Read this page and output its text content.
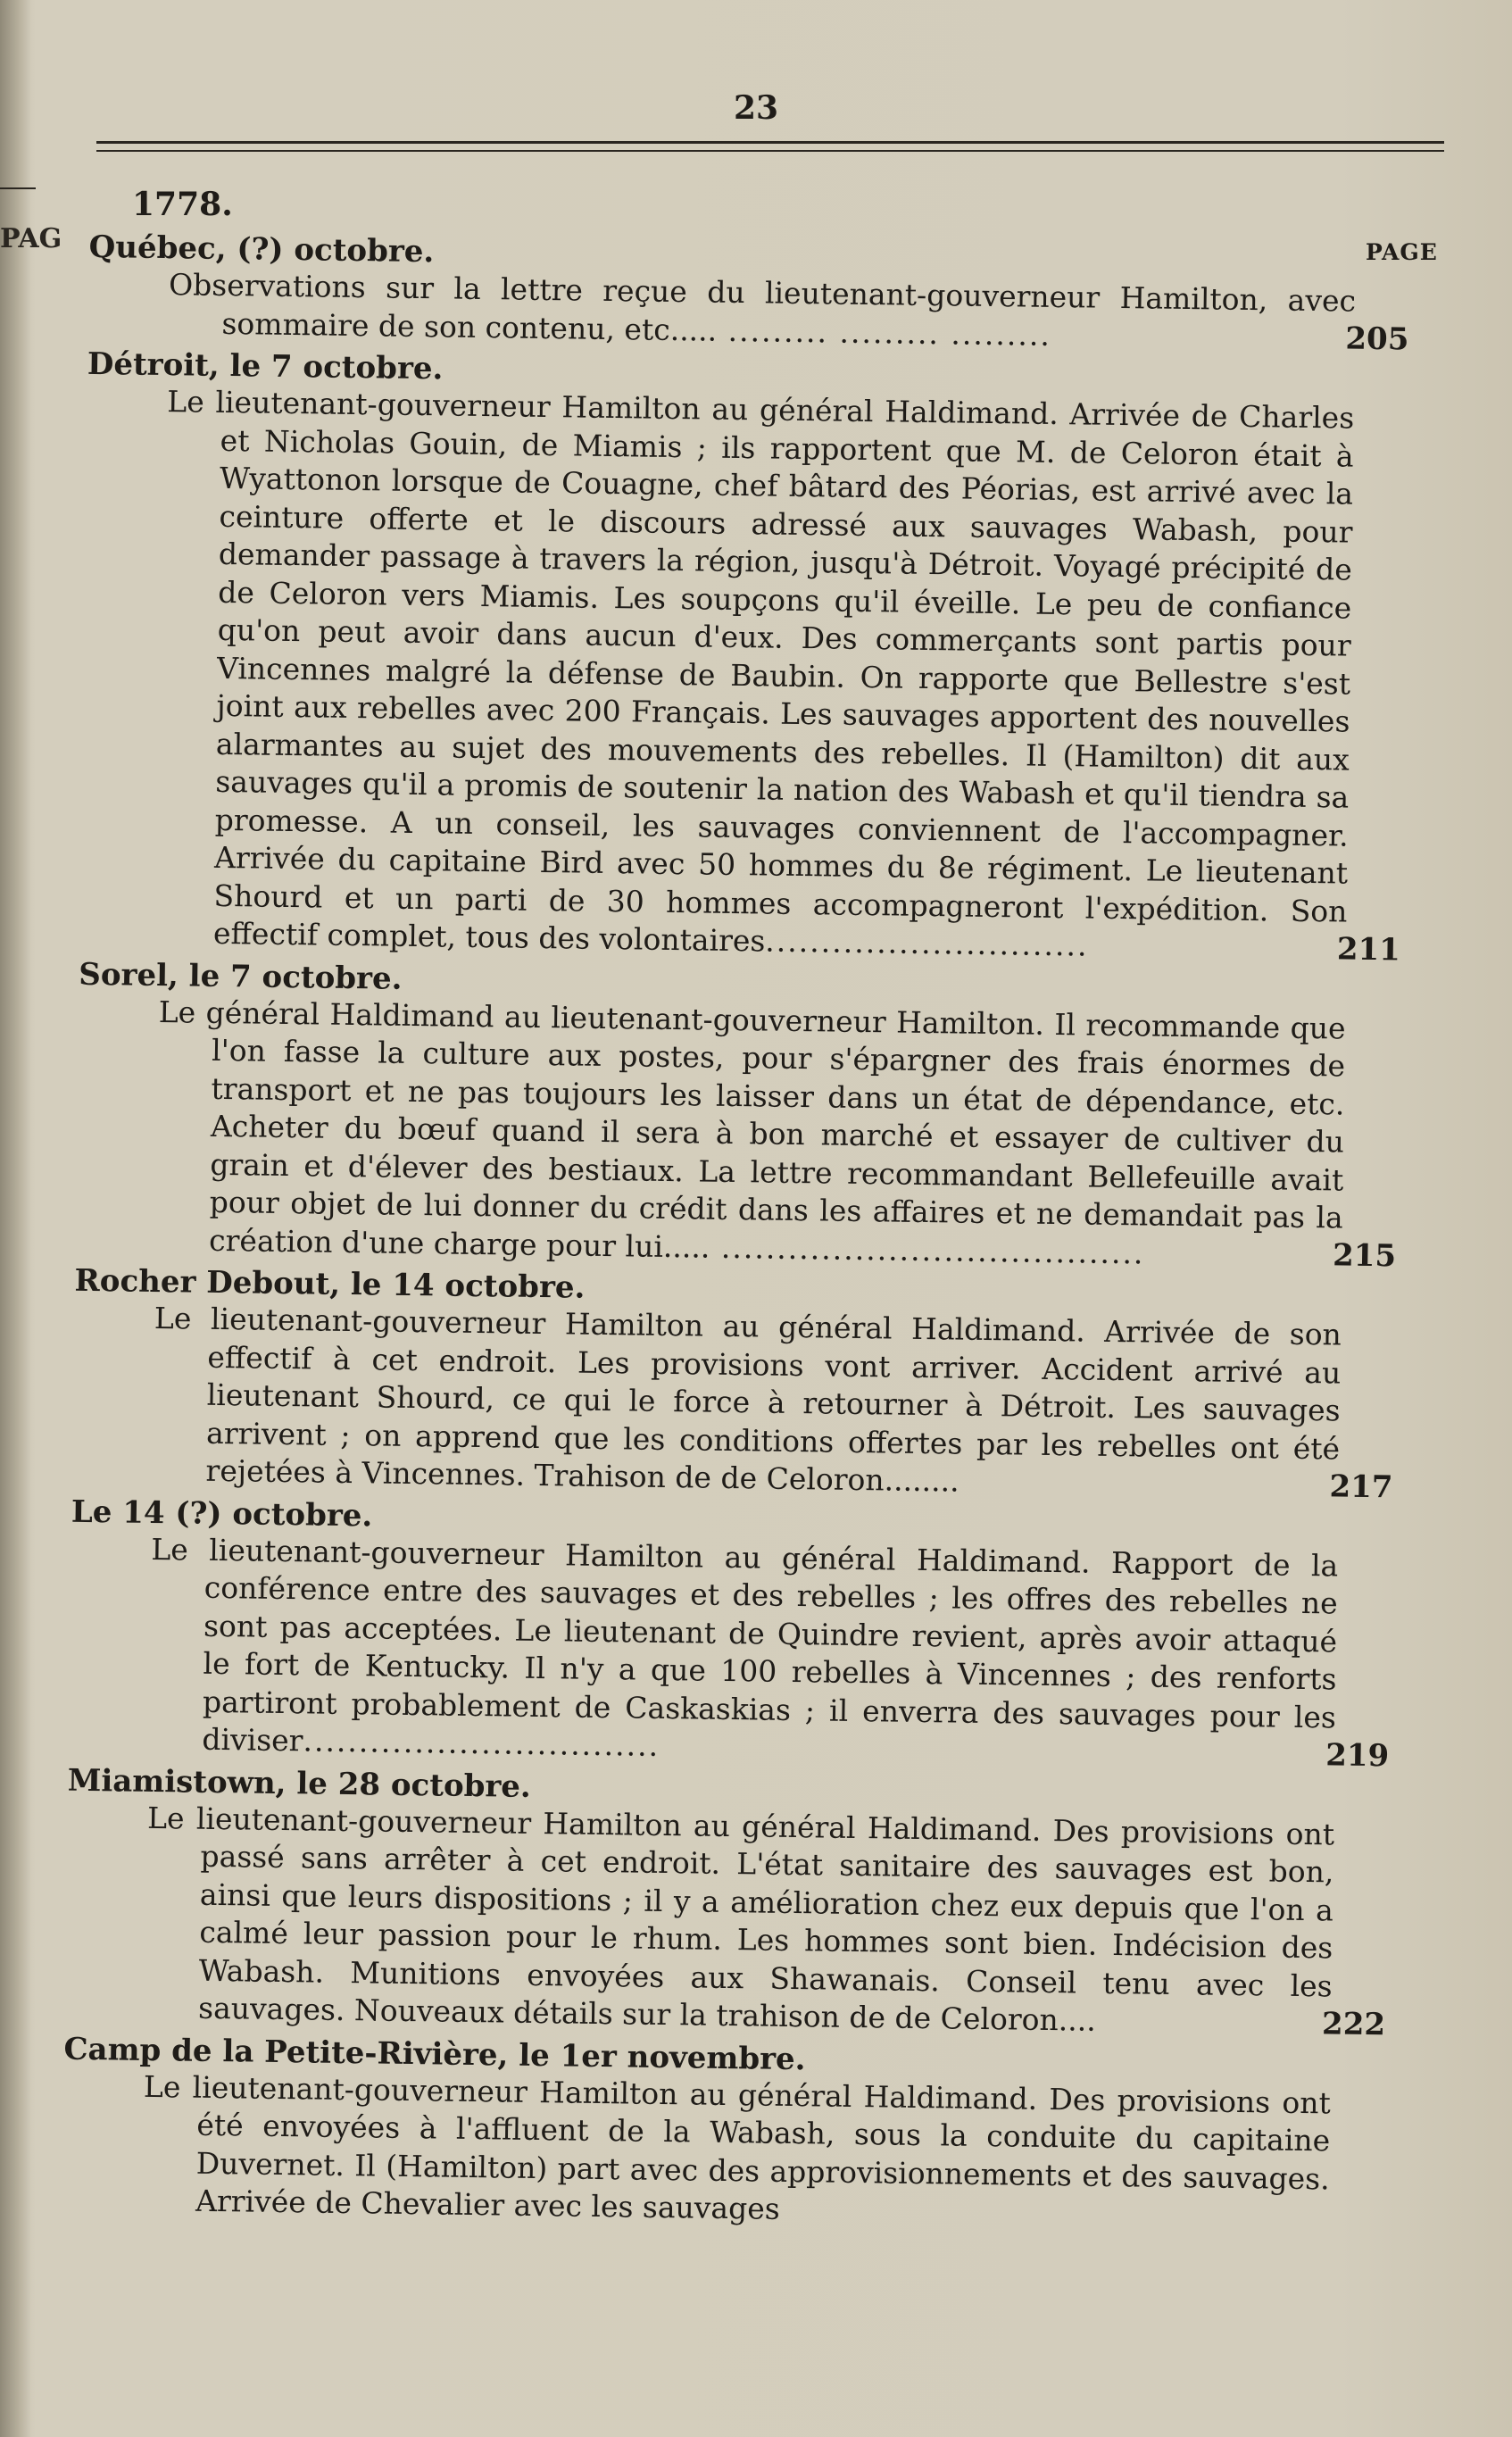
PAG
23
1778.
PAGE
Québec, (?) octobre.
Observations sur la lettre reçue du lieutenant-gouverneur Hamilton, avec sommaire de son contenu, etc..... ......... ......... .........	205
Détroit, le 7 octobre.
Le lieutenant-gouverneur Hamilton au général Haldimand. Arrivée de Charles et Nicholas Gouin, de Miamis ; ils rapportent que M. de Celoron était à Wyattonon lorsque de Couagne, chef bâtard des Péorias, est arrivé avec la ceinture offerte et le discours adressé aux sauvages Wabash, pour demander passage à travers la région, jusqu'à Détroit. Voyagé précipité de de Celoron vers Miamis. Les soupçons qu'il éveille. Le peu de confiance qu'on peut avoir dans aucun d'eux. Des commerçants sont partis pour Vincennes malgré la défense de Baubin. On rapporte que Bellestre s'est joint aux rebelles avec 200 Français. Les sauvages apportent des nouvelles alarmantes au sujet des mouvements des rebelles. Il (Hamilton) dit aux sauvages qu'il a promis de soutenir la nation des Wabash et qu'il tiendra sa promesse. A un conseil, les sauvages conviennent de l'accompagner. Arrivée du capitaine Bird avec 50 hommes du 8e régiment. Le lieutenant Shourd et un parti de 30 hommes accompagneront l'expédition. Son effectif complet, tous des volontaires.............................	211
Sorel, le 7 octobre.
Le général Haldimand au lieutenant-gouverneur Hamilton. Il recommande que l'on fasse la culture aux postes, pour s'épargner des frais énormes de transport et ne pas toujours les laisser dans un état de dépendance, etc. Acheter du bœuf quand il sera à bon marché et essayer de cultiver du grain et d'élever des bestiaux. La lettre recommandant Bellefeuille avait pour objet de lui donner du crédit dans les affaires et ne demandait pas la création d'une charge pour lui..... ......................................	215
Rocher Debout, le 14 octobre.
Le lieutenant-gouverneur Hamilton au général Haldimand. Arrivée de son effectif à cet endroit. Les provisions vont arriver. Accident arrivé au lieutenant Shourd, ce qui le force à retourner à Détroit. Les sauvages arrivent ; on apprend que les conditions offertes par les rebelles ont été rejetées à Vincennes. Trahison de de Celoron........	217
Le 14 (?) octobre.
Le lieutenant-gouverneur Hamilton au général Haldimand. Rapport de la conférence entre des sauvages et des rebelles ; les offres des rebelles ne sont pas acceptées. Le lieutenant de Quindre revient, après avoir attaqué le fort de Kentucky. Il n'y a que 100 rebelles à Vincennes ; des renforts partiront probablement de Caskaskias ; il enverra des sauvages pour les diviser................................	219
Miamistown, le 28 octobre.
Le lieutenant-gouverneur Hamilton au général Haldimand. Des provisions ont passé sans arrêter à cet endroit. L'état sanitaire des sauvages est bon, ainsi que leurs dispositions ; il y a amélioration chez eux depuis que l'on a calmé leur passion pour le rhum. Les hommes sont bien. Indécision des Wabash. Munitions envoyées aux Shawanais. Conseil tenu avec les sauvages. Nouveaux détails sur la trahison de de Celoron....	222
Camp de la Petite-Rivière, le 1er novembre.
Le lieutenant-gouverneur Hamilton au général Haldimand. Des provisions ont été envoyées à l'affluent de la Wabash, sous la conduite du capitaine Duvernet. Il (Hamilton) part avec des approvisionnements et des sauvages. Arrivée de Chevalier avec les sauvages
